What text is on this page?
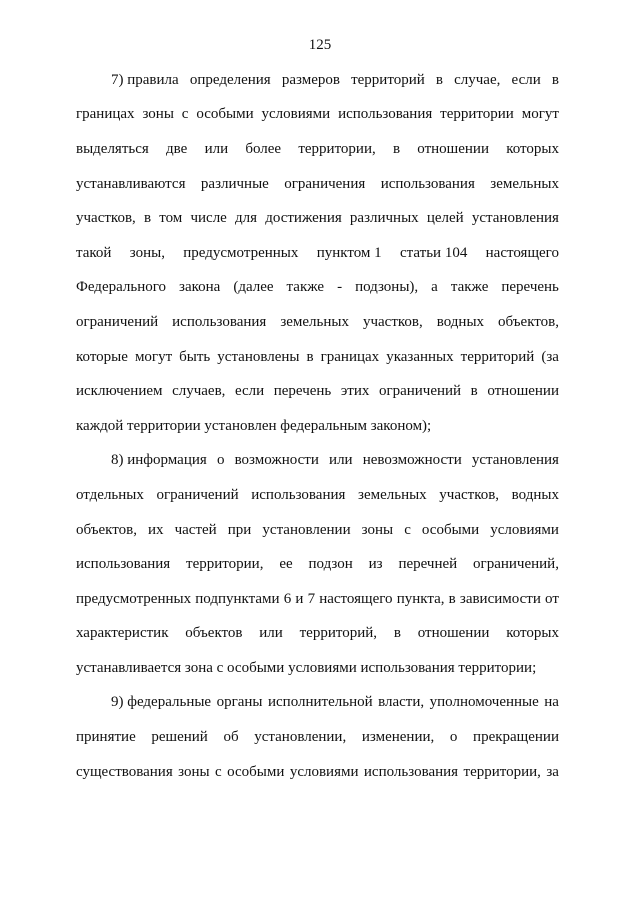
125
7) правила определения размеров территорий в случае, если в
границах зоны с особыми условиями использования территории могут
выделяться две или более территории, в отношении которых
устанавливаются различные ограничения использования земельных
участков, в том числе для достижения различных целей установления
такой зоны, предусмотренных пунктом 1 статьи 104 настоящего
Федерального закона (далее также - подзоны), а также перечень
ограничений использования земельных участков, водных объектов,
которые могут быть установлены в границах указанных территорий (за
исключением случаев, если перечень этих ограничений в отношении
каждой территории установлен федеральным законом);
8) информация о возможности или невозможности установления
отдельных ограничений использования земельных участков, водных
объектов, их частей при установлении зоны с особыми условиями
использования территории, ее подзон из перечней ограничений,
предусмотренных подпунктами 6 и 7 настоящего пункта, в зависимости от
характеристик объектов или территорий, в отношении которых
устанавливается зона с особыми условиями использования территории;
9) федеральные органы исполнительной власти, уполномоченные на
принятие решений об установлении, изменении, о прекращении
существования зоны с особыми условиями использования территории, за
